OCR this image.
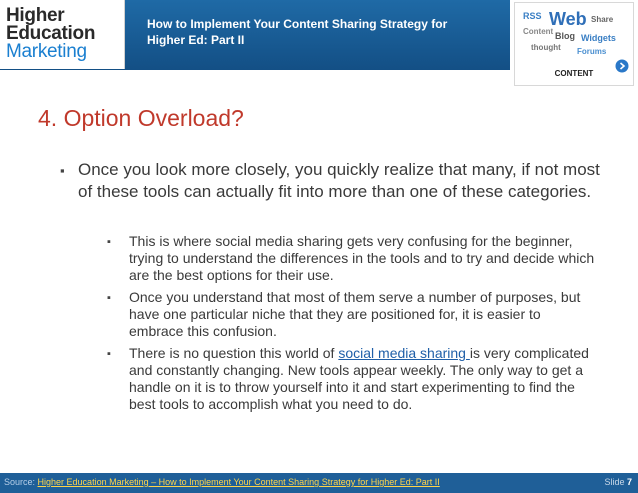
Higher
Education
Marketing
How to Implement Your Content Sharing Strategy for Higher Ed: Part II
RSS Web Share
Content Blog Widgets
thought Forums
CONTENT
4. Option Overload?
▪ Once you look more closely, you quickly realize that many, if not most of these tools can actually fit into more than one of these categories.
▪ This is where social media sharing gets very confusing for the beginner, trying to understand the differences in the tools and to try and decide which are the best options for their use.
▪ Once you understand that most of them serve a number of purposes, but have one particular niche that they are positioned for, it is easier to embrace this confusion.
▪ There is no question this world of social media sharing is very complicated and constantly changing. New tools appear weekly. The only way to get a handle on it is to throw yourself into it and start experimenting to find the best tools to accomplish what you need to do.
Source: Higher Education Marketing – How to Implement Your Content Sharing Strategy for Higher Ed: Part II	Slide 7
